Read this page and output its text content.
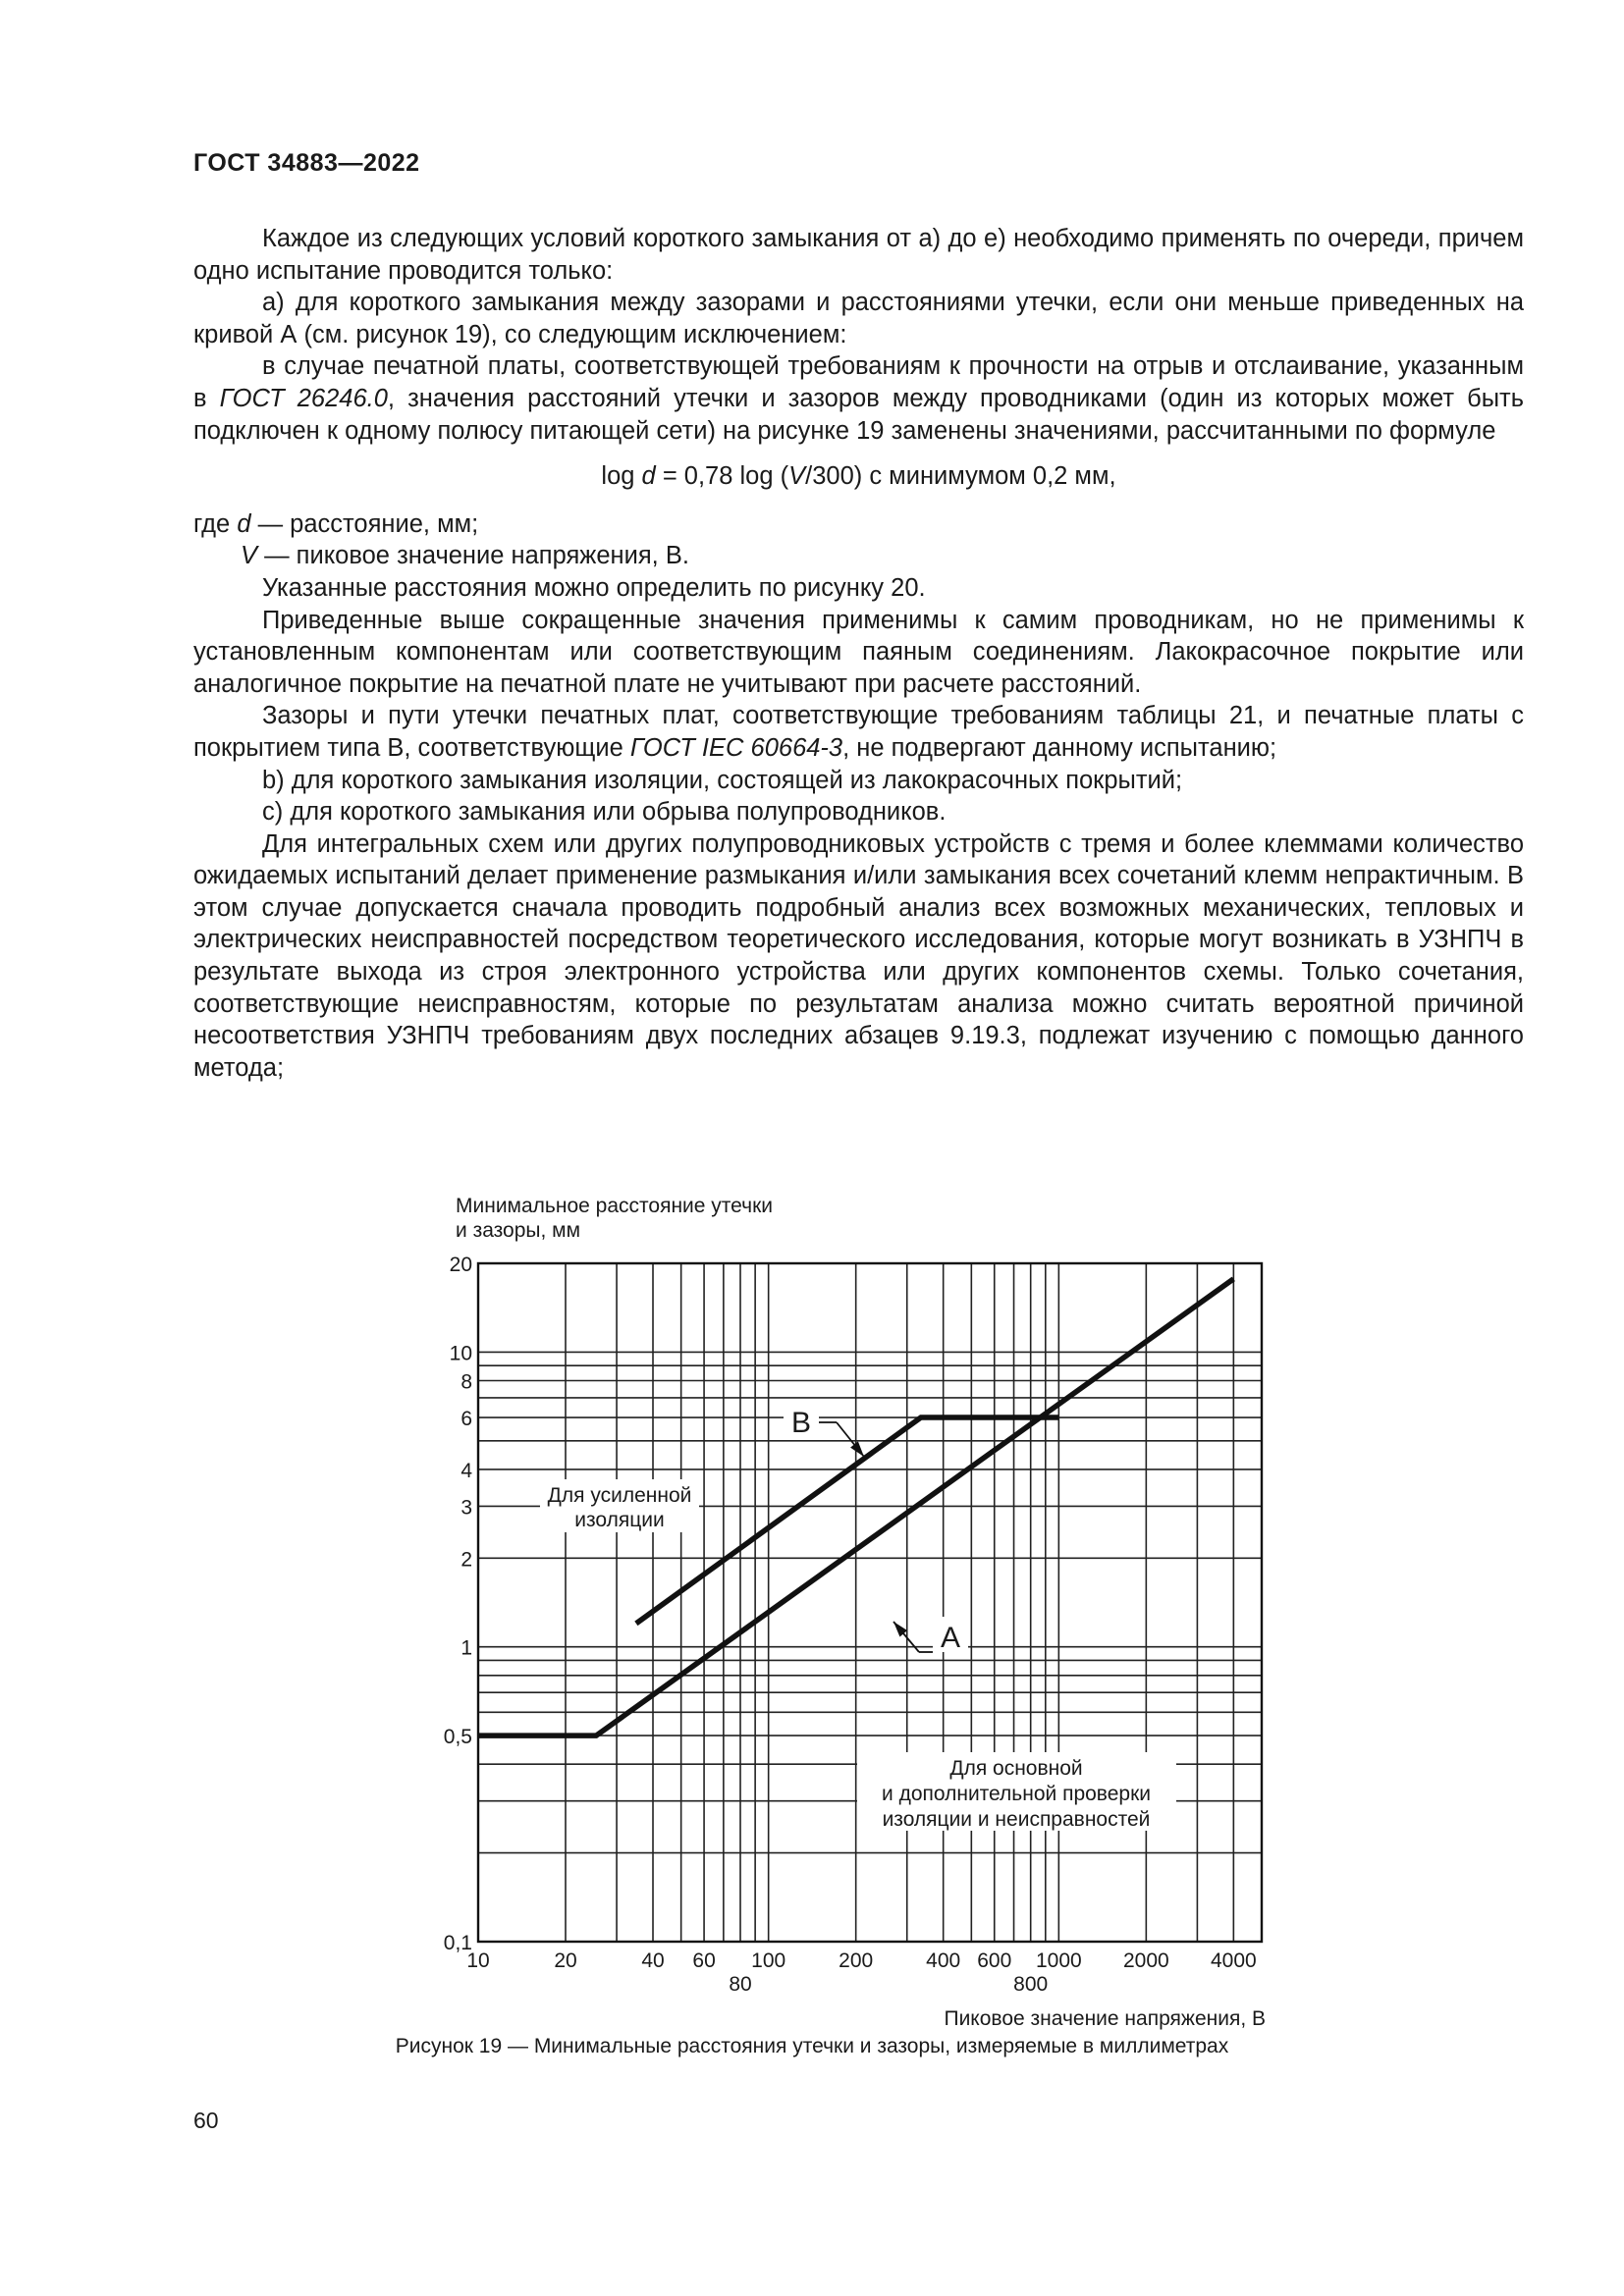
ГОСТ 34883—2022

Каждое из следующих условий короткого замыкания от а) до е) необходимо применять по очереди, причем одно испытание проводится только:

а) для короткого замыкания между зазорами и расстояниями утечки, если они меньше приведенных на кривой А (см. рисунок 19), со следующим исключением:

в случае печатной платы, соответствующей требованиям к прочности на отрыв и отслаивание, указанным в ГОСТ 26246.0, значения расстояний утечки и зазоров между проводниками (один из которых может быть подключен к одному полюсу питающей сети) на рисунке 19 заменены значениями, рассчитанными по формуле

log d = 0,78 log (V/300) с минимумом 0,2 мм,

где d — расстояние, мм;

V — пиковое значение напряжения, В.

Указанные расстояния можно определить по рисунку 20.

Приведенные выше сокращенные значения применимы к самим проводникам, но не применимы к установленным компонентам или соответствующим паяным соединениям. Лакокрасочное покрытие или аналогичное покрытие на печатной плате не учитывают при расчете расстояний.

Зазоры и пути утечки печатных плат, соответствующие требованиям таблицы 21, и печатные платы с покрытием типа В, соответствующие ГОСТ IEC 60664-3, не подвергают данному испытанию;

b) для короткого замыкания изоляции, состоящей из лакокрасочных покрытий;

c) для короткого замыкания или обрыва полупроводников.

Для интегральных схем или других полупроводниковых устройств с тремя и более клеммами количество ожидаемых испытаний делает применение размыкания и/или замыкания всех сочетаний клемм непрактичным. В этом случае допускается сначала проводить подробный анализ всех возможных механических, тепловых и электрических неисправностей посредством теоретического исследования, которые могут возникать в УЗНПЧ в результате выхода из строя электронного устройства или других компонентов схемы. Только сочетания, соответствующие неисправностям, которые по результатам анализа можно считать вероятной причиной несоответствия УЗНПЧ требованиям двух последних абзацев 9.19.3, подлежат изучению с помощью данного метода;

10	20	40 60
80
100	200	400 600
800
1000 2000 4000
0,1
0,5
1
2
3
4
6
8
10
20
Минимальное расстояние утечки
и зазоры, мм
Пиковое значение напряжения, В
В
А
Для усиленной
изоляции
Для основной
и дополнительной проверки
изоляции и неисправностей
Рисунок 19 — Минимальные расстояния утечки и зазоры, измеряемые в миллиметрах
60
